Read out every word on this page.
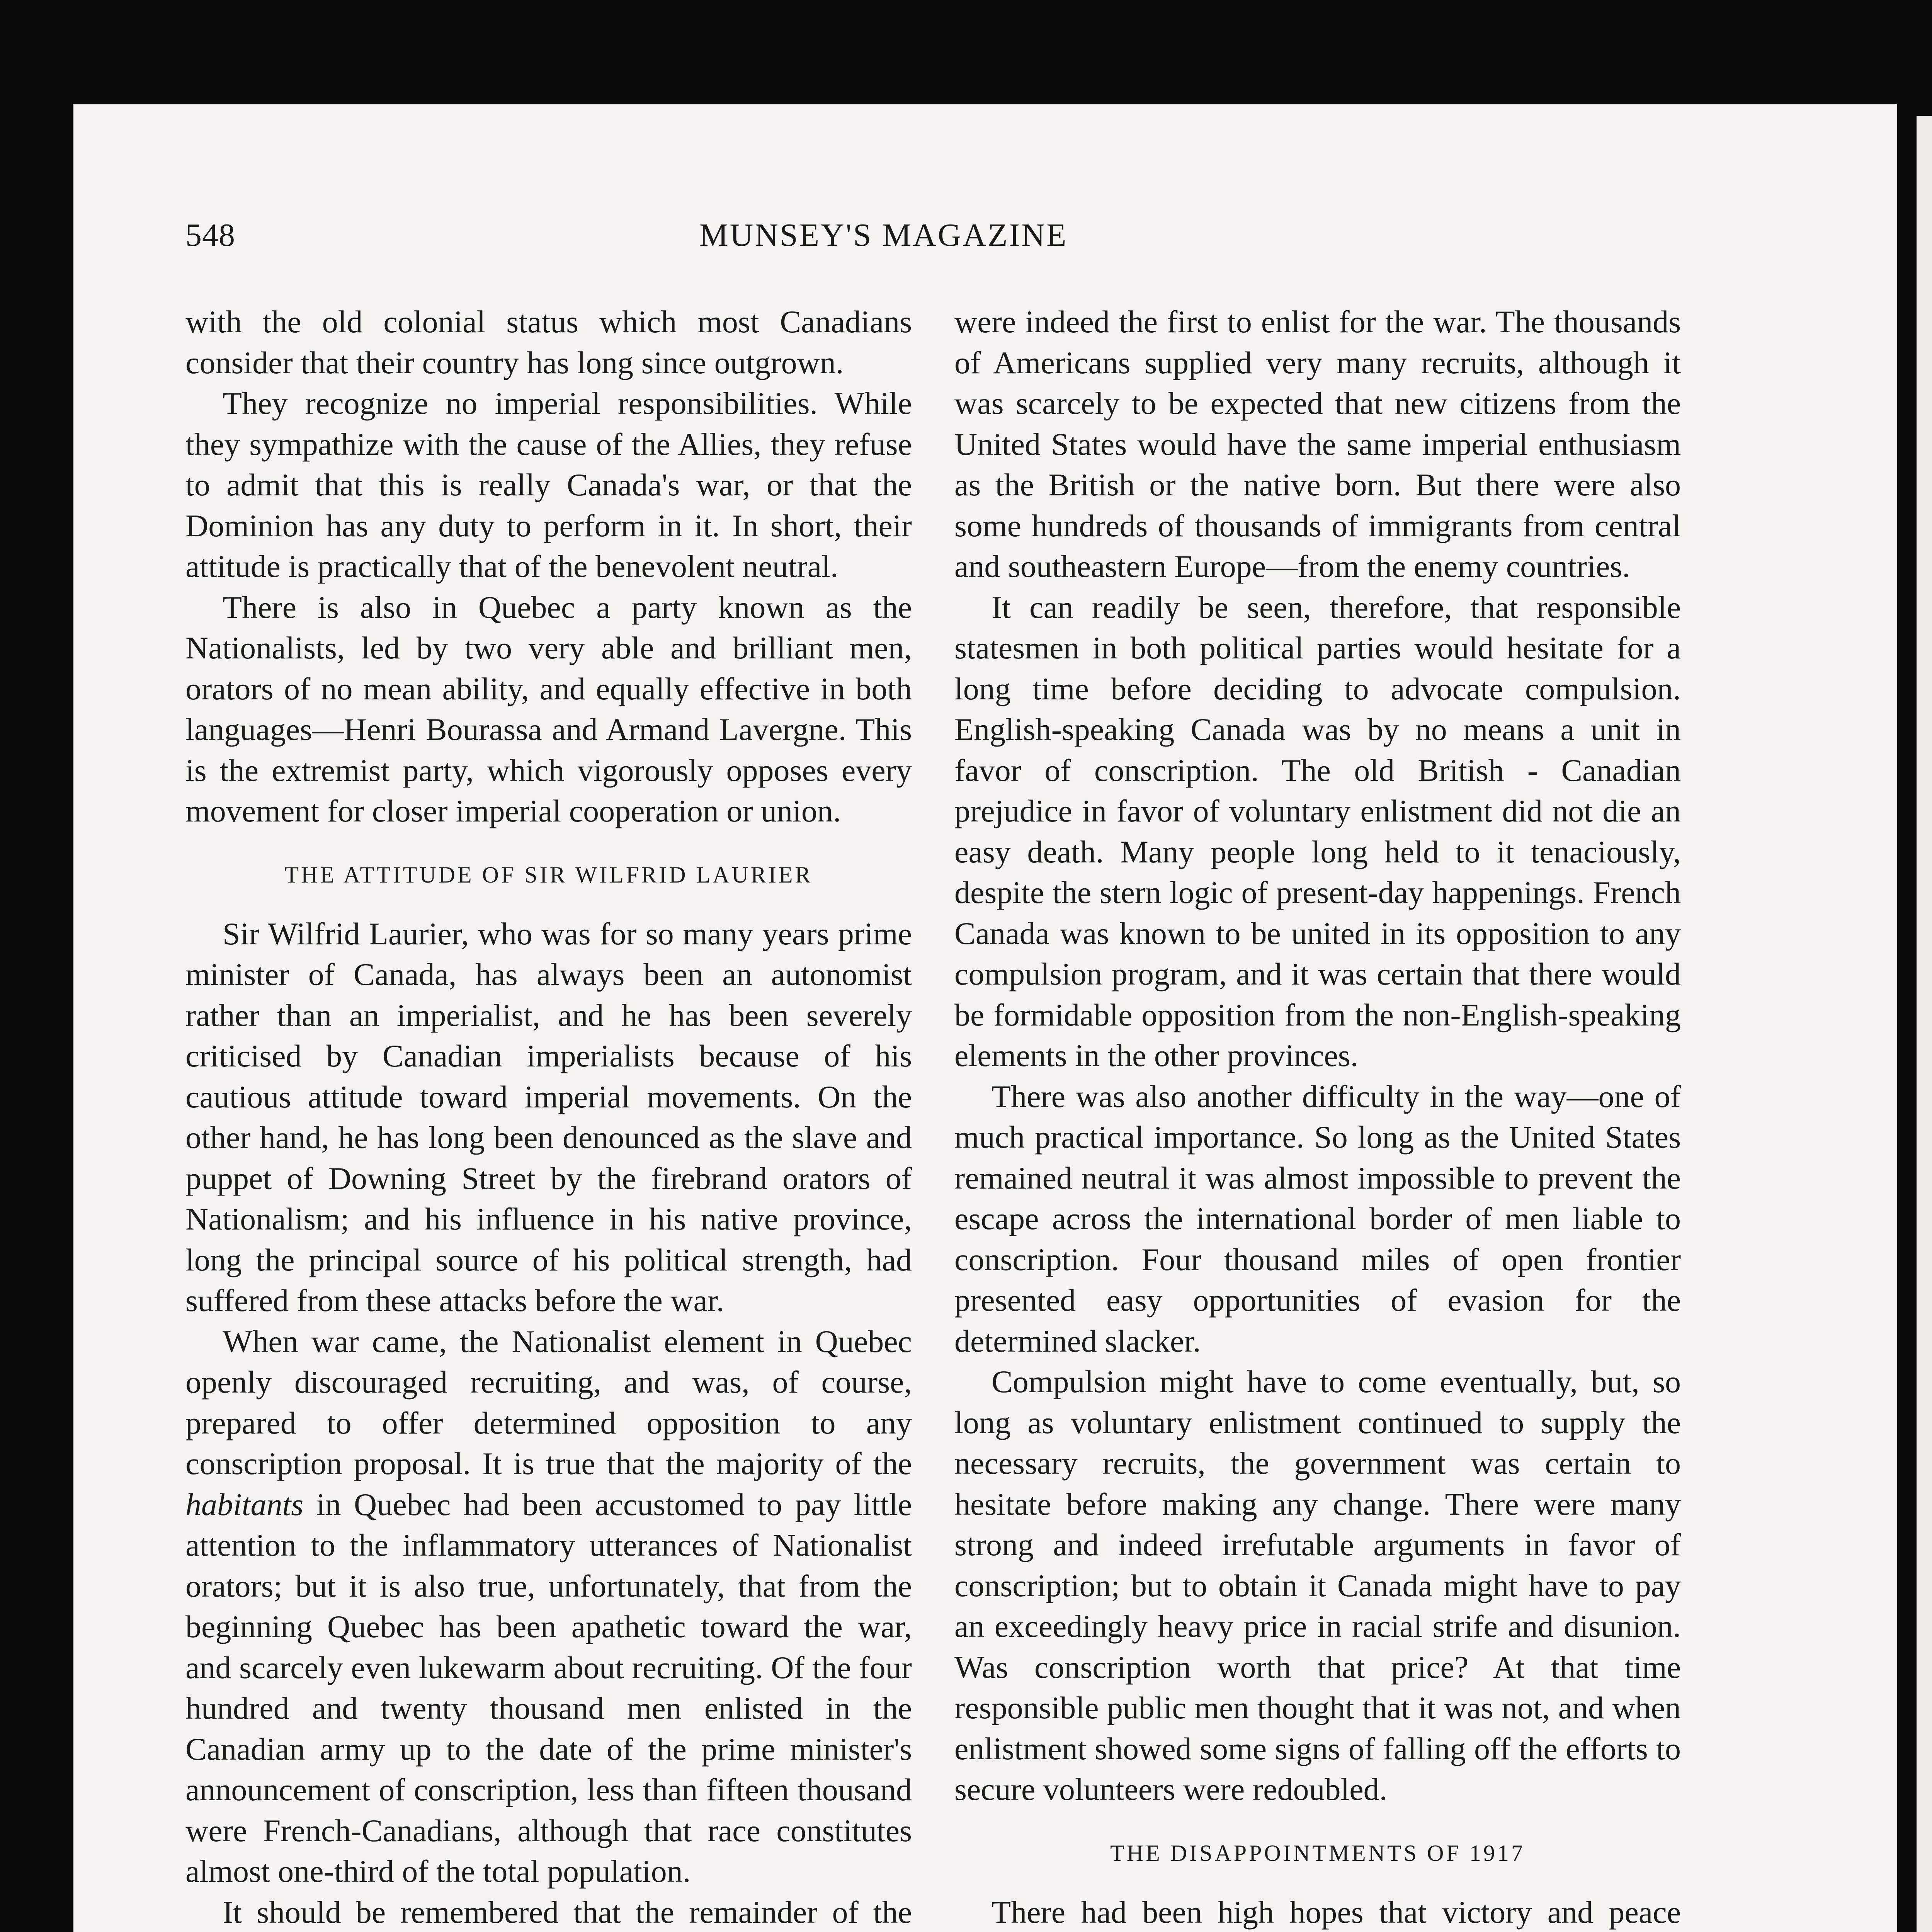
548	MUNSEY'S MAGAZINE

with the old colonial status which most Canadians consider that their country has long since outgrown.

They recognize no imperial responsibilities. While they sympathize with the cause of the Allies, they refuse to admit that this is really Canada's war, or that the Dominion has any duty to perform in it. In short, their attitude is practically that of the benevolent neutral.

There is also in Quebec a party known as the Nationalists, led by two very able and brilliant men, orators of no mean ability, and equally effective in both languages—Henri Bourassa and Armand Lavergne. This is the extremist party, which vigorously opposes every movement for closer imperial cooperation or union.

THE ATTITUDE OF SIR WILFRID LAURIER

Sir Wilfrid Laurier, who was for so many years prime minister of Canada, has always been an autonomist rather than an imperialist, and he has been severely criticised by Canadian imperialists because of his cautious attitude toward imperial movements. On the other hand, he has long been denounced as the slave and puppet of Downing Street by the firebrand orators of Nationalism; and his influence in his native province, long the principal source of his political strength, had suffered from these attacks before the war.

When war came, the Nationalist element in Quebec openly discouraged recruiting, and was, of course, prepared to offer determined opposition to any conscription proposal. It is true that the majority of the habitants in Quebec had been accustomed to pay little attention to the inflammatory utterances of Nationalist orators; but it is also true, unfortunately, that from the beginning Quebec has been apathetic toward the war, and scarcely even lukewarm about recruiting. Of the four hundred and twenty thousand men enlisted in the Canadian army up to the date of the prime minister's announcement of conscription, less than fifteen thousand were French-Canadians, although that race constitutes almost one-third of the total population.

It should be remembered that the remainder of the

were indeed the first to enlist for the war. The thousands of Americans supplied very many recruits, although it was scarcely to be expected that new citizens from the United States would have the same imperial enthusiasm as the British or the native born. But there were also some hundreds of thousands of immigrants from central and southeastern Europe—from the enemy countries.

It can readily be seen, therefore, that responsible statesmen in both political parties would hesitate for a long time before deciding to advocate compulsion. English-speaking Canada was by no means a unit in favor of conscription. The old British - Canadian prejudice in favor of voluntary enlistment did not die an easy death. Many people long held to it tenaciously, despite the stern logic of present-day happenings. French Canada was known to be united in its opposition to any compulsion program, and it was certain that there would be formidable opposition from the non-English-speaking elements in the other provinces.

There was also another difficulty in the way—one of much practical importance. So long as the United States remained neutral it was almost impossible to prevent the escape across the international border of men liable to conscription. Four thousand miles of open frontier presented easy opportunities of evasion for the determined slacker.

Compulsion might have to come eventually, but, so long as voluntary enlistment continued to supply the necessary recruits, the government was certain to hesitate before making any change. There were many strong and indeed irrefutable arguments in favor of conscription; but to obtain it Canada might have to pay an exceedingly heavy price in racial strife and disunion. Was conscription worth that price? At that time responsible public men thought that it was not, and when enlistment showed some signs of falling off the efforts to secure volunteers were redoubled.

THE DISAPPOINTMENTS OF 1917

There had been high hopes that victory and peace
